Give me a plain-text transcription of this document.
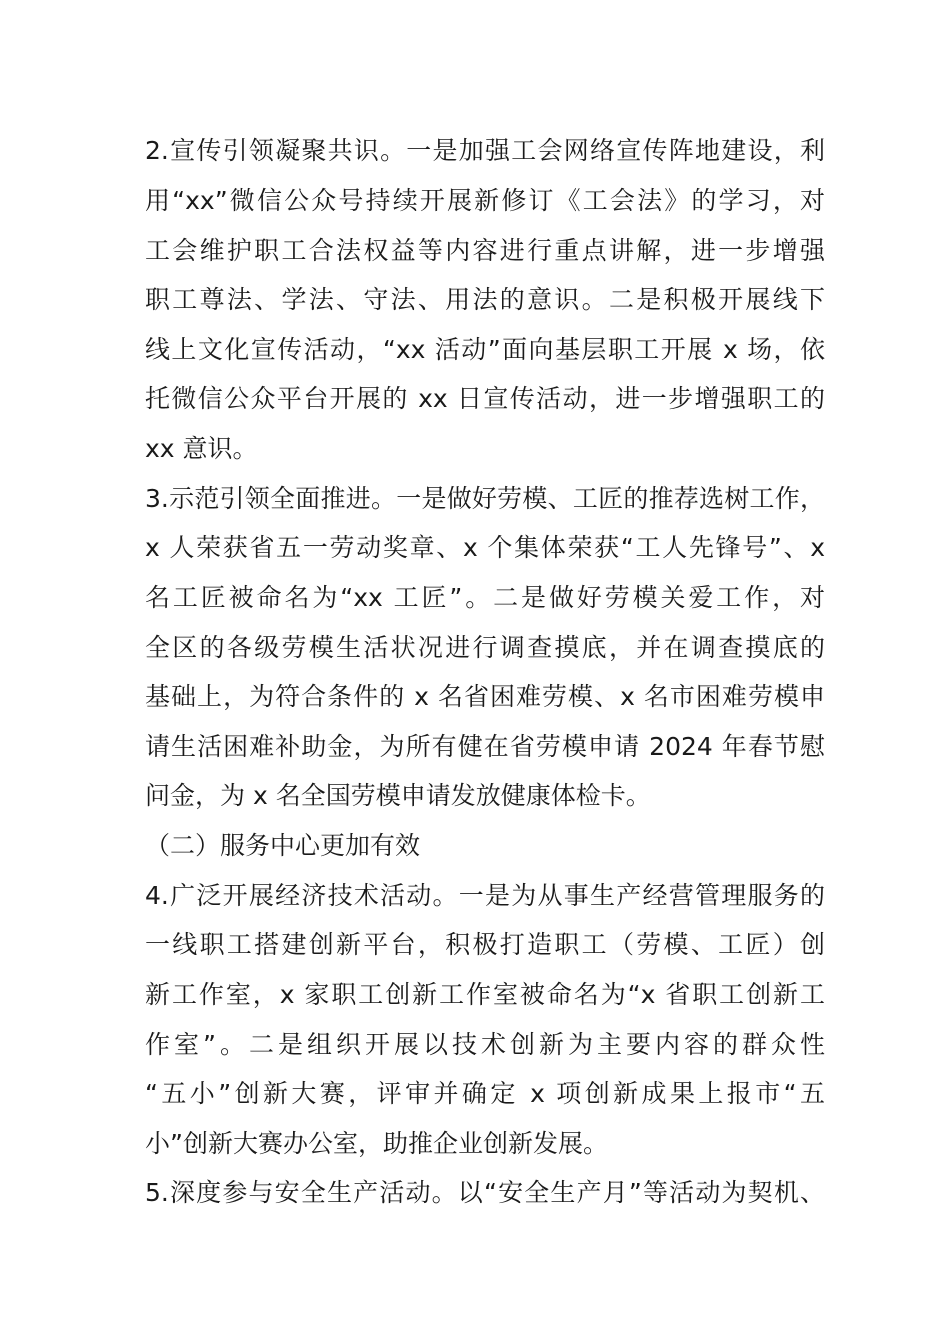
2.宣传引领凝聚共识。一是加强工会网络宣传阵地建设，利
用“xx”微信公众号持续开展新修订《工会法》的学习，对
工会维护职工合法权益等内容进行重点讲解，进一步增强
职工尊法、学法、守法、用法的意识。二是积极开展线下
线上文化宣传活动，“xx 活动”面向基层职工开展 x 场，依
托微信公众平台开展的 xx 日宣传活动，进一步增强职工的
xx 意识。
3.示范引领全面推进。一是做好劳模、工匠的推荐选树工作，
x 人荣获省五一劳动奖章、x 个集体荣获“工人先锋号”、x
名工匠被命名为“xx 工匠”。二是做好劳模关爱工作，对
全区的各级劳模生活状况进行调查摸底，并在调查摸底的
基础上，为符合条件的 x 名省困难劳模、x 名市困难劳模申
请生活困难补助金，为所有健在省劳模申请 2024 年春节慰
问金，为 x 名全国劳模申请发放健康体检卡。
（二）服务中心更加有效
4.广泛开展经济技术活动。一是为从事生产经营管理服务的
一线职工搭建创新平台，积极打造职工（劳模、工匠）创
新工作室，x 家职工创新工作室被命名为“x 省职工创新工
作室”。二是组织开展以技术创新为主要内容的群众性
“五小”创新大赛，评审并确定 x 项创新成果上报市“五
小”创新大赛办公室，助推企业创新发展。
5.深度参与安全生产活动。以“安全生产月”等活动为契机、
